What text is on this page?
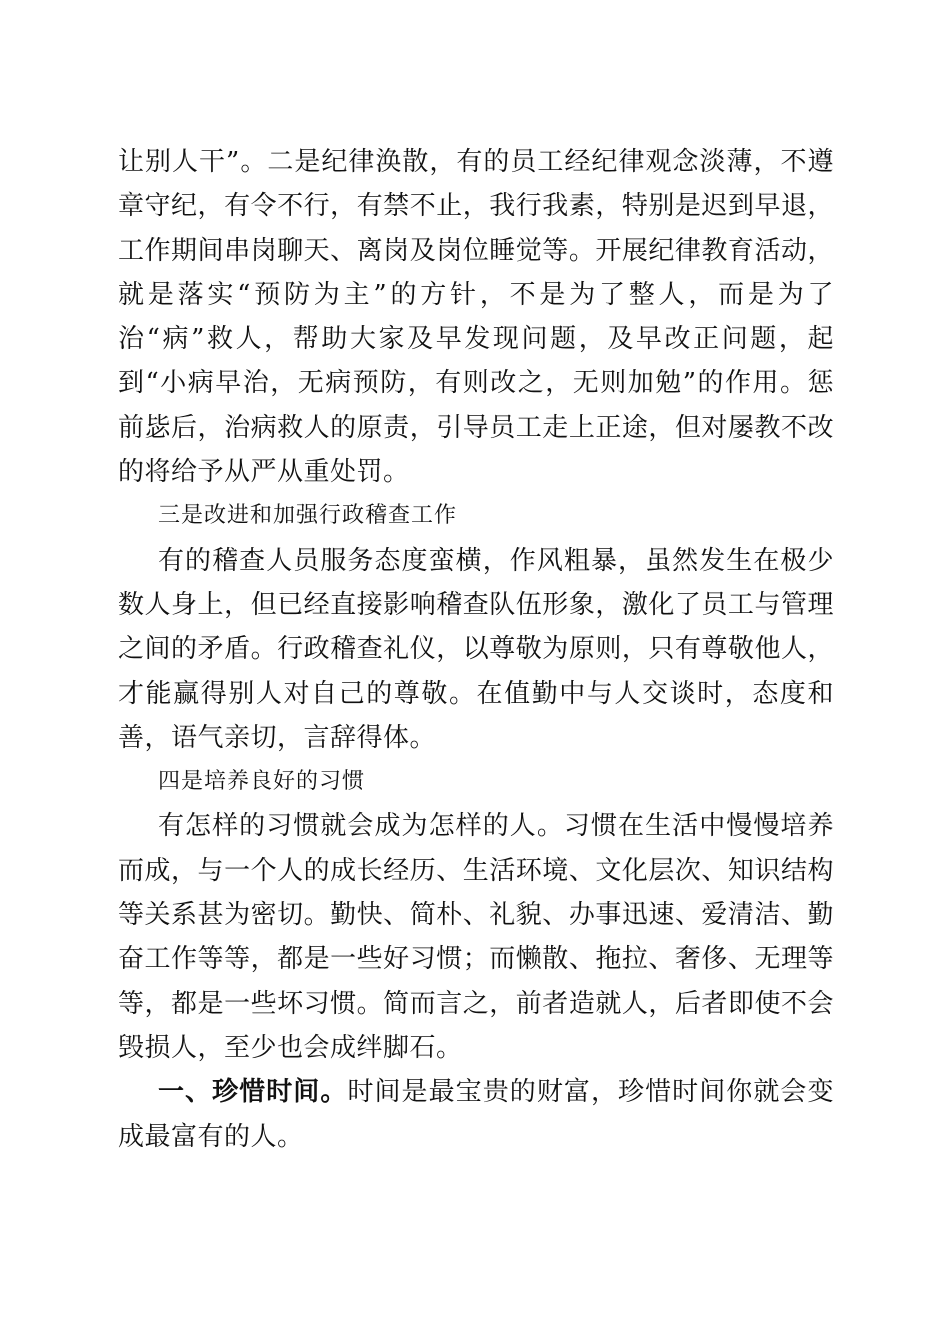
让别人干”。二是纪律涣散，有的员工经纪律观念淡薄，不遵章守纪，有令不行，有禁不止，我行我素，特别是迟到早退，工作期间串岗聊天、离岗及岗位睡觉等。开展纪律教育活动，就是落实“预防为主”的方针，不是为了整人，而是为了治“病”救人，帮助大家及早发现问题，及早改正问题，起到“小病早治，无病预防，有则改之，无则加勉”的作用。惩前毖后，治病救人的原责，引导员工走上正途，但对屡教不改的将给予从严从重处罚。

三是改进和加强行政稽查工作

有的稽查人员服务态度蛮横，作风粗暴，虽然发生在极少数人身上，但已经直接影响稽查队伍形象，激化了员工与管理之间的矛盾。行政稽查礼仪，以尊敬为原则，只有尊敬他人，才能赢得别人对自己的尊敬。在值勤中与人交谈时，态度和善，语气亲切，言辞得体。

四是培养良好的习惯

有怎样的习惯就会成为怎样的人。习惯在生活中慢慢培养而成，与一个人的成长经历、生活环境、文化层次、知识结构等关系甚为密切。勤快、简朴、礼貌、办事迅速、爱清洁、勤奋工作等等，都是一些好习惯；而懒散、拖拉、奢侈、无理等等，都是一些坏习惯。简而言之，前者造就人，后者即使不会毁损人，至少也会成绊脚石。

一、珍惜时间。时间是最宝贵的财富，珍惜时间你就会变成最富有的人。
